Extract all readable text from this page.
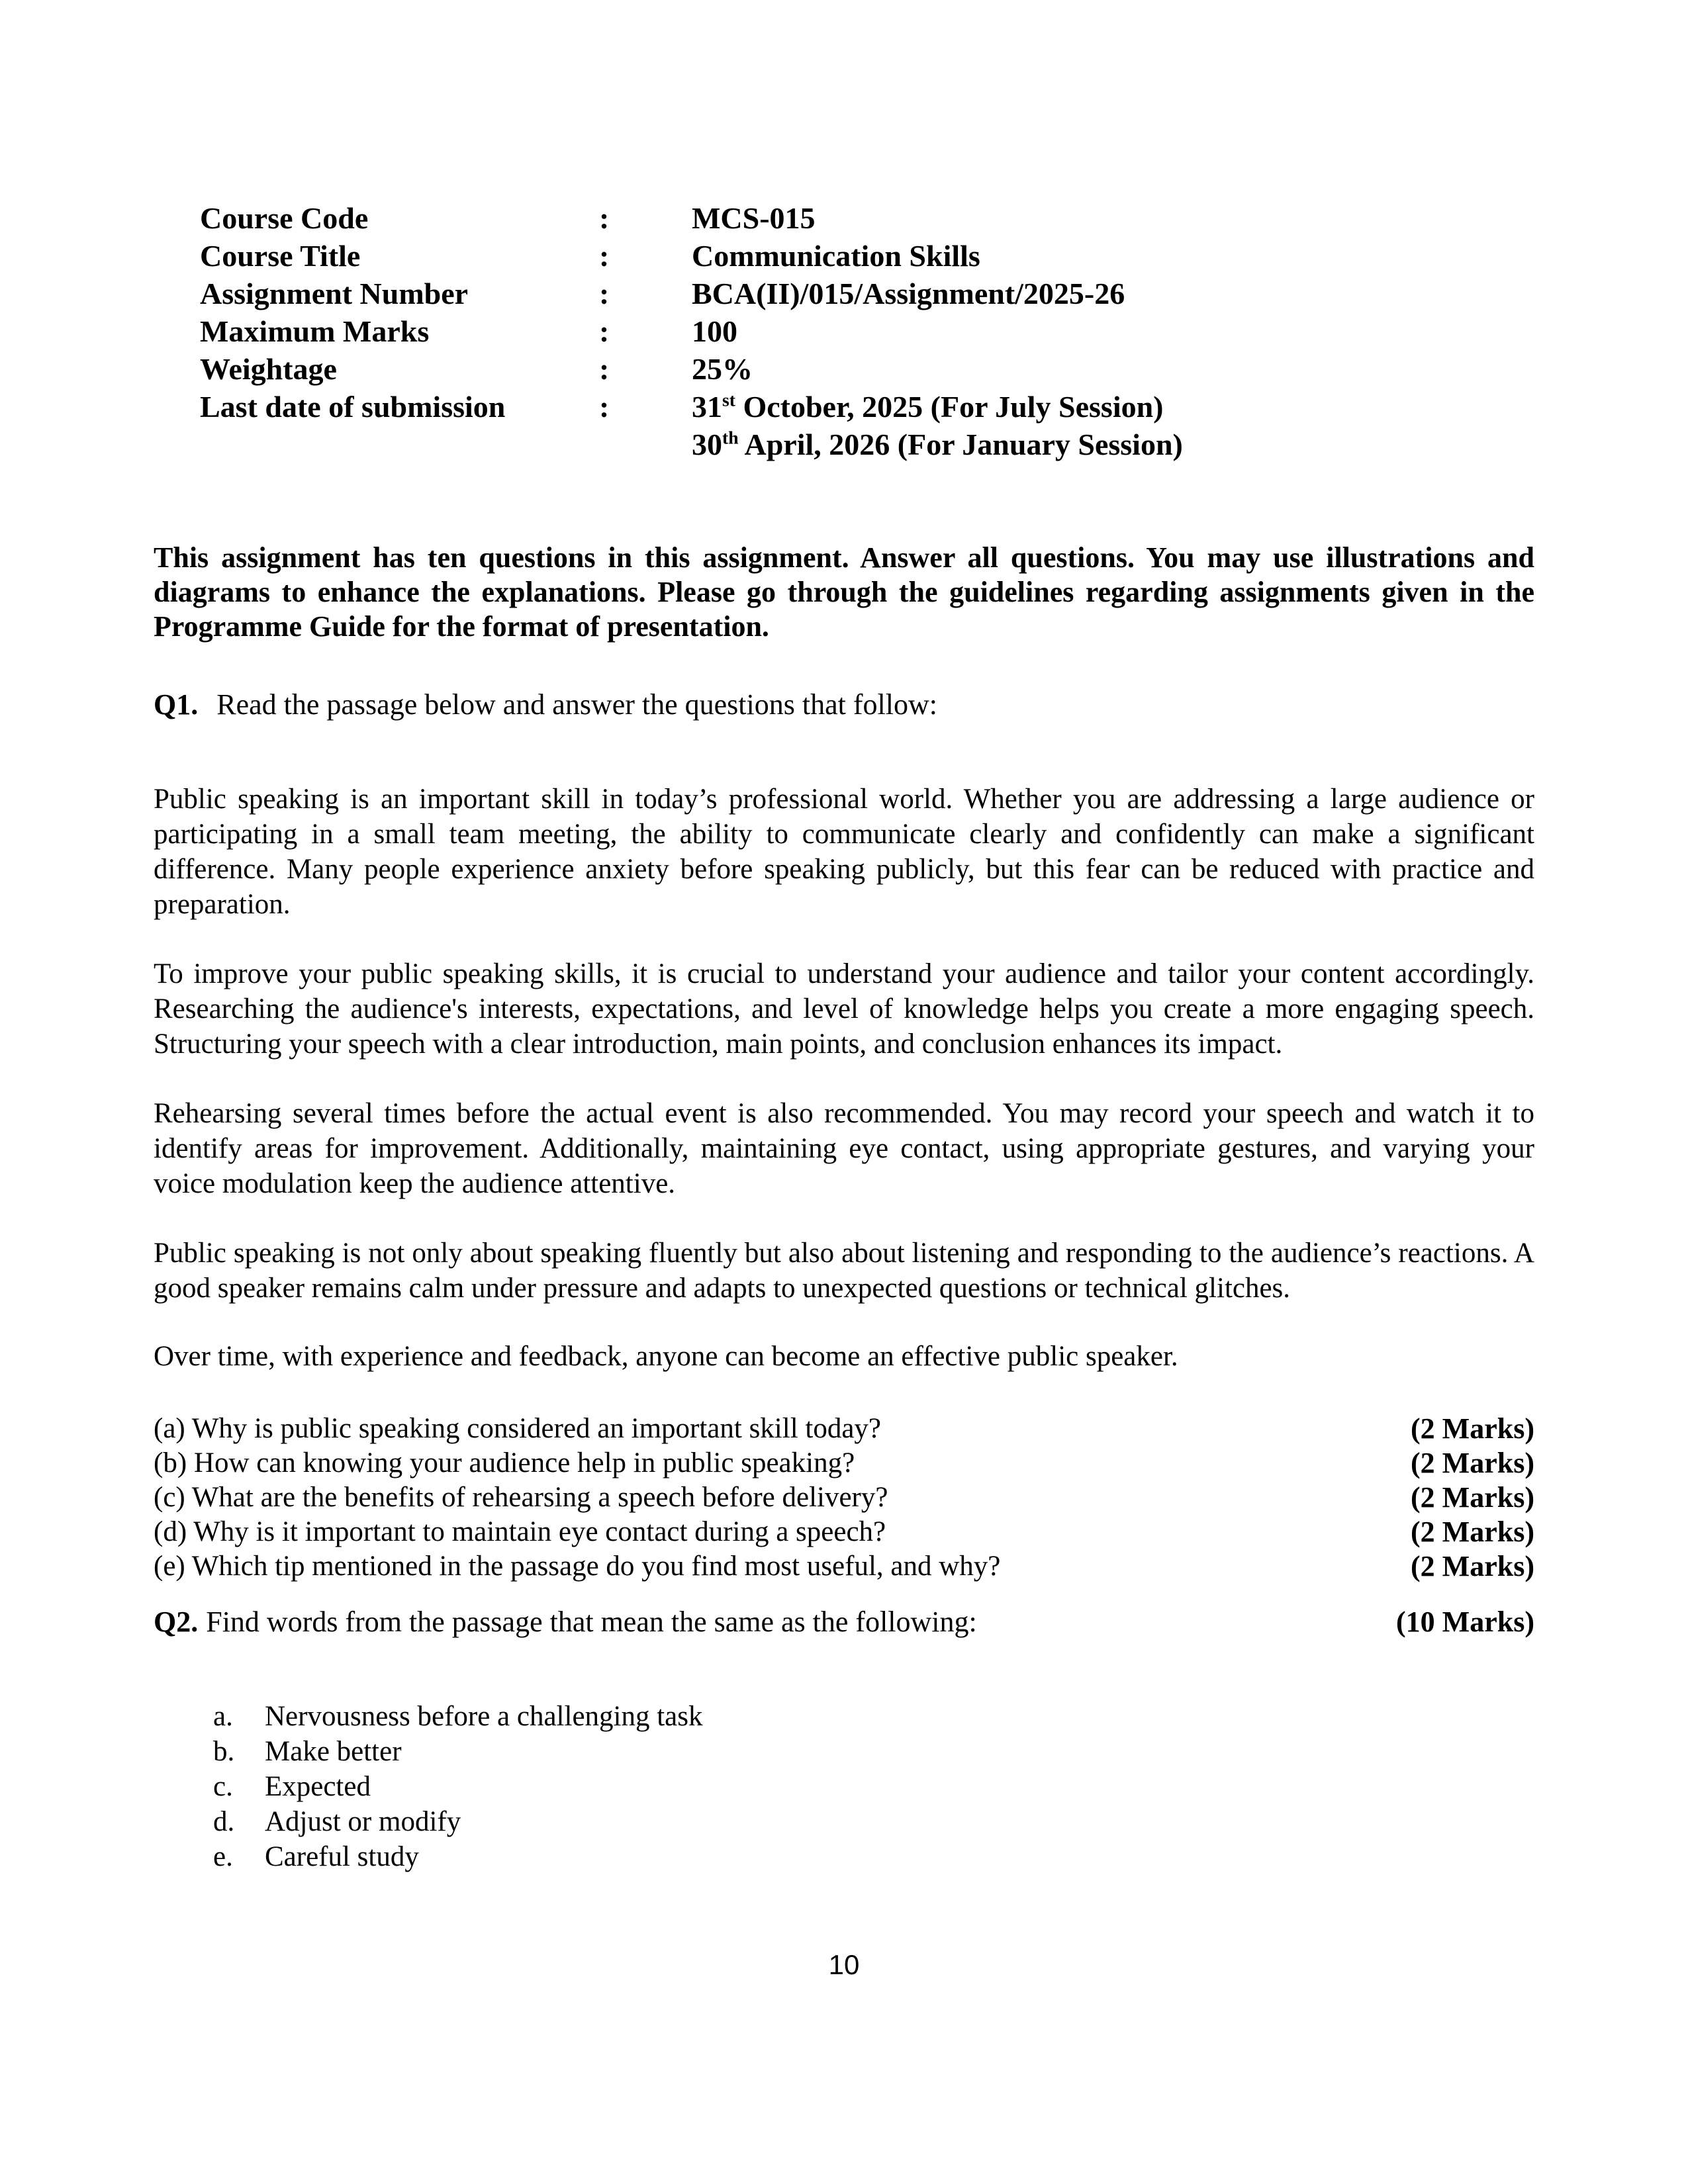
Course Code	:	MCS-015
Course Title	:	Communication Skills
Assignment Number	:	BCA(II)/015/Assignment/2025-26
Maximum Marks	:	100
Weightage	:	25%
Last date of submission	:	31st October, 2025 (For July Session)
30th April, 2026 (For January Session)
This assignment has ten questions in this assignment. Answer all questions. You may use illustrations and diagrams to enhance the explanations. Please go through the guidelines regarding assignments given in the Programme Guide for the format of presentation.
Q1. Read the passage below and answer the questions that follow:

Public speaking is an important skill in today’s professional world. Whether you are addressing a large audience or participating in a small team meeting, the ability to communicate clearly and confidently can make a significant difference. Many people experience anxiety before speaking publicly, but this fear can be reduced with practice and preparation.

To improve your public speaking skills, it is crucial to understand your audience and tailor your content accordingly. Researching the audience's interests, expectations, and level of knowledge helps you create a more engaging speech. Structuring your speech with a clear introduction, main points, and conclusion enhances its impact.

Rehearsing several times before the actual event is also recommended. You may record your speech and watch it to identify areas for improvement. Additionally, maintaining eye contact, using appropriate gestures, and varying your voice modulation keep the audience attentive.

Public speaking is not only about speaking fluently but also about listening and responding to the audience’s reactions. A good speaker remains calm under pressure and adapts to unexpected questions or technical glitches.

Over time, with experience and feedback, anyone can become an effective public speaker.

(a) Why is public speaking considered an important skill today?	(2 Marks)
(b) How can knowing your audience help in public speaking?	(2 Marks)
(c) What are the benefits of rehearsing a speech before delivery?	(2 Marks)
(d) Why is it important to maintain eye contact during a speech?	(2 Marks)
(e) Which tip mentioned in the passage do you find most useful, and why?	(2 Marks)
Q2. Find words from the passage that mean the same as the following:	(10 Marks)
a.	Nervousness before a challenging task
b.	Make better
c.	Expected
d.	Adjust or modify
e.	Careful study
10
